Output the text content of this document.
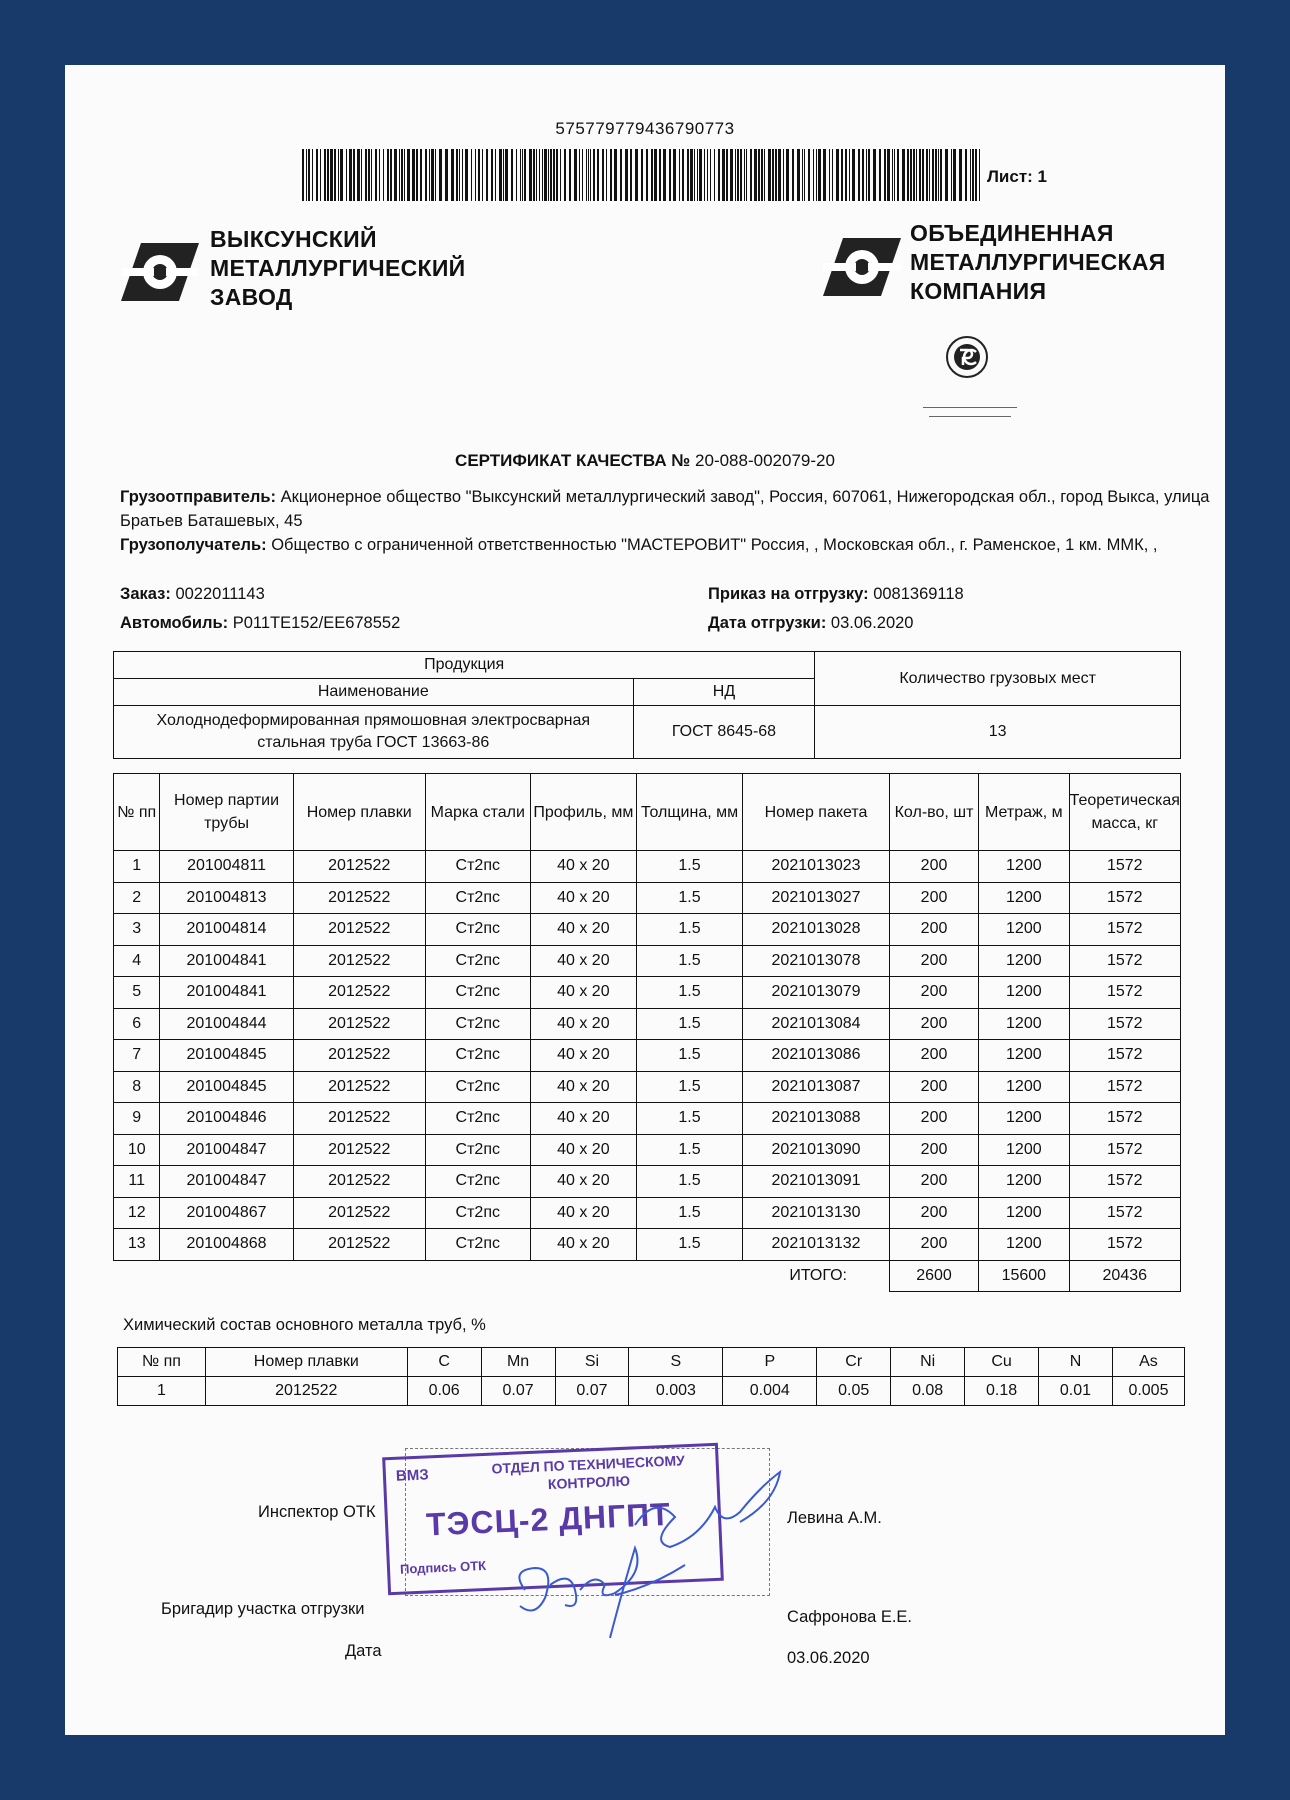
575779779436790773
Лист: 1
ВЫКСУНСКИЙ
МЕТАЛЛУРГИЧЕСКИЙ
ЗАВОД
ОБЪЕДИНЕННАЯ
МЕТАЛЛУРГИЧЕСКАЯ
КОМПАНИЯ
СЕРТИФИКАТ КАЧЕСТВА № 20-088-002079-20
Грузоотправитель: Акционерное общество "Выксунский металлургический завод", Россия, 607061, Нижегородская обл., город Выкса, улица Братьев Баташевых, 45
Грузополучатель: Общество с ограниченной ответственностью "МАСТЕРОВИТ" Россия, , Московская обл., г. Раменское, 1 км. ММК, ,
Заказ: 0022011143
Автомобиль: Р011ТЕ152/ЕЕ678552
Приказ на отгрузку: 0081369118
Дата отгрузки: 03.06.2020
Продукция		Количество грузовых мест
Наименование	НД	
Холоднодеформированная прямошовная электросварная стальная труба ГОСТ 13663-86	ГОСТ 8645-68	13
№ пп	Номер партии трубы	Номер плавки	Марка стали	Профиль, мм	Толщина, мм	Номер пакета	Кол-во, шт	Метраж, м	Теоретическая масса, кг
1	201004811	2012522	Ст2пс	40 x 20	1.5	2021013023	200	1200	1572
2	201004813	2012522	Ст2пс	40 x 20	1.5	2021013027	200	1200	1572
3	201004814	2012522	Ст2пс	40 x 20	1.5	2021013028	200	1200	1572
4	201004841	2012522	Ст2пс	40 x 20	1.5	2021013078	200	1200	1572
5	201004841	2012522	Ст2пс	40 x 20	1.5	2021013079	200	1200	1572
6	201004844	2012522	Ст2пс	40 x 20	1.5	2021013084	200	1200	1572
7	201004845	2012522	Ст2пс	40 x 20	1.5	2021013086	200	1200	1572
8	201004845	2012522	Ст2пс	40 x 20	1.5	2021013087	200	1200	1572
9	201004846	2012522	Ст2пс	40 x 20	1.5	2021013088	200	1200	1572
10	201004847	2012522	Ст2пс	40 x 20	1.5	2021013090	200	1200	1572
11	201004847	2012522	Ст2пс	40 x 20	1.5	2021013091	200	1200	1572
12	201004867	2012522	Ст2пс	40 x 20	1.5	2021013130	200	1200	1572
13	201004868	2012522	Ст2пс	40 x 20	1.5	2021013132	200	1200	1572
ИТОГО:							2600	15600	20436
Химический состав основного металла труб, %
№ пп	Номер плавки	C	Mn	Si	S	P	Cr	Ni	Cu	N	As
1	2012522	0.06	0.07	0.07	0.003	0.004	0.05	0.08	0.18	0.01	0.005
Инспектор ОТК	Левина А.М.
Бригадир участка отгрузки	Сафронова Е.Е.
Дата	03.06.2020
ВМЗ	ОТДЕЛ ПО ТЕХНИЧЕСКОМУ КОНТРОЛЮ
ТЭСЦ-2 ДНГПТ
Подпись ОТК
